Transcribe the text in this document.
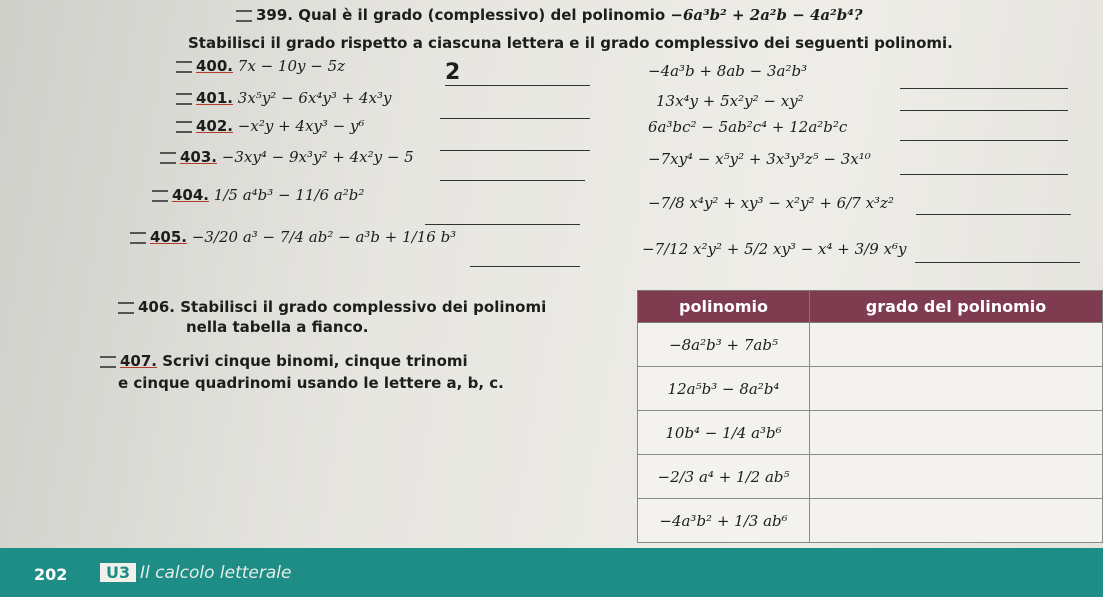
399. Qual è il grado (complessivo) del polinomio −6a³b² + 2a²b − 4a²b⁴?
Stabilisci il grado rispetto a ciascuna lettera e il grado complessivo dei seguenti polinomi.
400. 7x − 10y − 5z	2
401. 3x⁵y² − 6x⁴y³ + 4x³y
402. −x²y + 4xy³ − y⁶
403. −3xy⁴ − 9x³y² + 4x²y − 5
404. 1/5 a⁴b³ − 11/6 a²b²
405. −3/20 a³ − 7/4 ab² − a³b + 1/16 b³
−4a³b + 8ab − 3a²b³
13x⁴y + 5x²y² − xy²
6a³bc² − 5ab²c⁴ + 12a²b²c
−7xy⁴ − x⁵y² + 3x³y³z⁵ − 3x¹⁰
−7/8 x⁴y² + xy³ − x²y² + 6/7 x³z²
−7/12 x²y² + 5/2 xy³ − x⁴ + 3/9 x⁶y
406. Stabilisci il grado complessivo dei polinomi
nella tabella a fianco.
407. Scrivi cinque binomi, cinque trinomi
e cinque quadrinomi usando le lettere a, b, c.
polinomio	grado del polinomio
−8a²b³ + 7ab⁵	
12a⁵b³ − 8a²b⁴	
10b⁴ − 1/4 a³b⁶	
−2/3 a⁴ + 1/2 ab⁵	
−4a³b² + 1/3 ab⁶	
202	U3 Il calcolo letterale
